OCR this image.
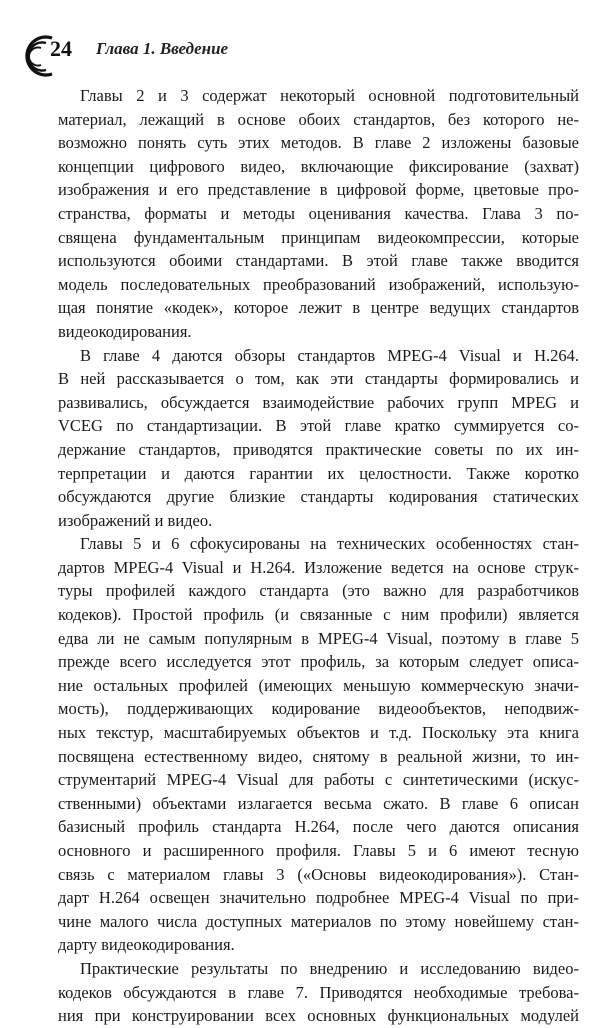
24 Глава 1. Введение

Главы 2 и 3 содержат некоторый основной подготовительный
материал, лежащий в основе обоих стандартов, без которого не-
возможно понять суть этих методов. В главе 2 изложены базовые
концепции цифрового видео, включающие фиксирование (захват)
изображения и его представление в цифровой форме, цветовые про-
странства, форматы и методы оценивания качества. Глава 3 по-
священа фундаментальным принципам видеокомпрессии, которые
используются обоими стандартами. В этой главе также вводится
модель последовательных преобразований изображений, использую-
щая понятие «кодек», которое лежит в центре ведущих стандартов
видеокодирования.

В главе 4 даются обзоры стандартов MPEG-4 Visual и H.264.
В ней рассказывается о том, как эти стандарты формировались и
развивались, обсуждается взаимодействие рабочих групп MPEG и
VCEG по стандартизации. В этой главе кратко суммируется со-
держание стандартов, приводятся практические советы по их ин-
терпретации и даются гарантии их целостности. Также коротко
обсуждаются другие близкие стандарты кодирования статических
изображений и видео.

Главы 5 и 6 сфокусированы на технических особенностях стан-
дартов MPEG-4 Visual и H.264. Изложение ведется на основе струк-
туры профилей каждого стандарта (это важно для разработчиков
кодеков). Простой профиль (и связанные с ним профили) является
едва ли не самым популярным в MPEG-4 Visual, поэтому в главе 5
прежде всего исследуется этот профиль, за которым следует описа-
ние остальных профилей (имеющих меньшую коммерческую значи-
мость), поддерживающих кодирование видеообъектов, неподвиж-
ных текстур, масштабируемых объектов и т.д. Поскольку эта книга
посвящена естественному видео, снятому в реальной жизни, то ин-
струментарий MPEG-4 Visual для работы с синтетическими (искус-
ственными) объектами излагается весьма сжато. В главе 6 описан
базисный профиль стандарта H.264, после чего даются описания
основного и расширенного профиля. Главы 5 и 6 имеют тесную
связь с материалом главы 3 («Основы видеокодирования»). Стан-
дарт H.264 освещен значительно подробнее MPEG-4 Visual по при-
чине малого числа доступных материалов по этому новейшему стан-
дарту видеокодирования.

Практические результаты по внедрению и исследованию видео-
кодеков обсуждаются в главе 7. Приводятся необходимые требова-
ния при конструировании всех основных функциональных модулей
